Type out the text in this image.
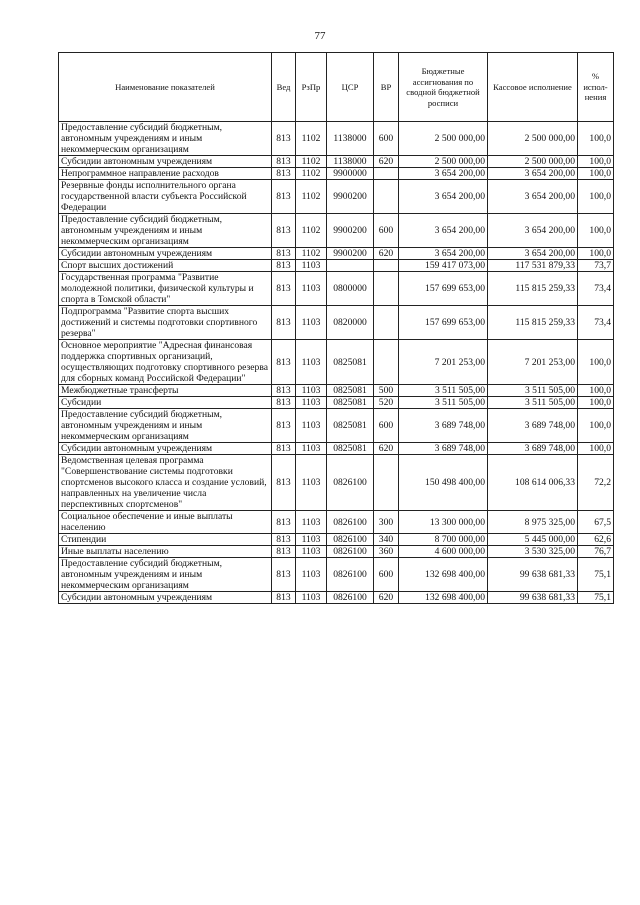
77
Наименование показателей	Вед	РзПр	ЦСР	ВР	Бюджетные ассигнования по сводной бюджетной росписи	Кассовое исполнение	% испол-нения
Предоставление субсидий бюджетным, автономным учреждениям и иным некоммерческим организациям	813	1102	1138000	600	2 500 000,00	2 500 000,00	100,0
Субсидии автономным учреждениям	813	1102	1138000	620	2 500 000,00	2 500 000,00	100,0
Непрограммное направление расходов	813	1102	9900000		3 654 200,00	3 654 200,00	100,0
Резервные фонды исполнительного органа государственной власти субъекта Российской Федерации	813	1102	9900200		3 654 200,00	3 654 200,00	100,0
Предоставление субсидий бюджетным, автономным учреждениям и иным некоммерческим организациям	813	1102	9900200	600	3 654 200,00	3 654 200,00	100,0
Субсидии автономным учреждениям	813	1102	9900200	620	3 654 200,00	3 654 200,00	100,0
Спорт высших достижений	813	1103			159 417 073,00	117 531 879,33	73,7
Государственная программа "Развитие молодежной политики, физической культуры и спорта в Томской области"	813	1103	0800000		157 699 653,00	115 815 259,33	73,4
Подпрограмма "Развитие спорта высших достижений и системы подготовки спортивного резерва"	813	1103	0820000		157 699 653,00	115 815 259,33	73,4
Основное мероприятие "Адресная финансовая поддержка спортивных организаций, осуществляющих подготовку спортивного резерва для сборных команд Российской Федерации"	813	1103	0825081		7 201 253,00	7 201 253,00	100,0
Межбюджетные трансферты	813	1103	0825081	500	3 511 505,00	3 511 505,00	100,0
Субсидии	813	1103	0825081	520	3 511 505,00	3 511 505,00	100,0
Предоставление субсидий бюджетным, автономным учреждениям и иным некоммерческим организациям	813	1103	0825081	600	3 689 748,00	3 689 748,00	100,0
Субсидии автономным учреждениям	813	1103	0825081	620	3 689 748,00	3 689 748,00	100,0
Ведомственная целевая программа "Совершенствование системы подготовки спортсменов высокого класса и создание условий, направленных на увеличение числа перспективных спортсменов"	813	1103	0826100		150 498 400,00	108 614 006,33	72,2
Социальное обеспечение и иные выплаты населению	813	1103	0826100	300	13 300 000,00	8 975 325,00	67,5
Стипендии	813	1103	0826100	340	8 700 000,00	5 445 000,00	62,6
Иные выплаты населению	813	1103	0826100	360	4 600 000,00	3 530 325,00	76,7
Предоставление субсидий бюджетным, автономным учреждениям и иным некоммерческим организациям	813	1103	0826100	600	132 698 400,00	99 638 681,33	75,1
Субсидии автономным учреждениям	813	1103	0826100	620	132 698 400,00	99 638 681,33	75,1
